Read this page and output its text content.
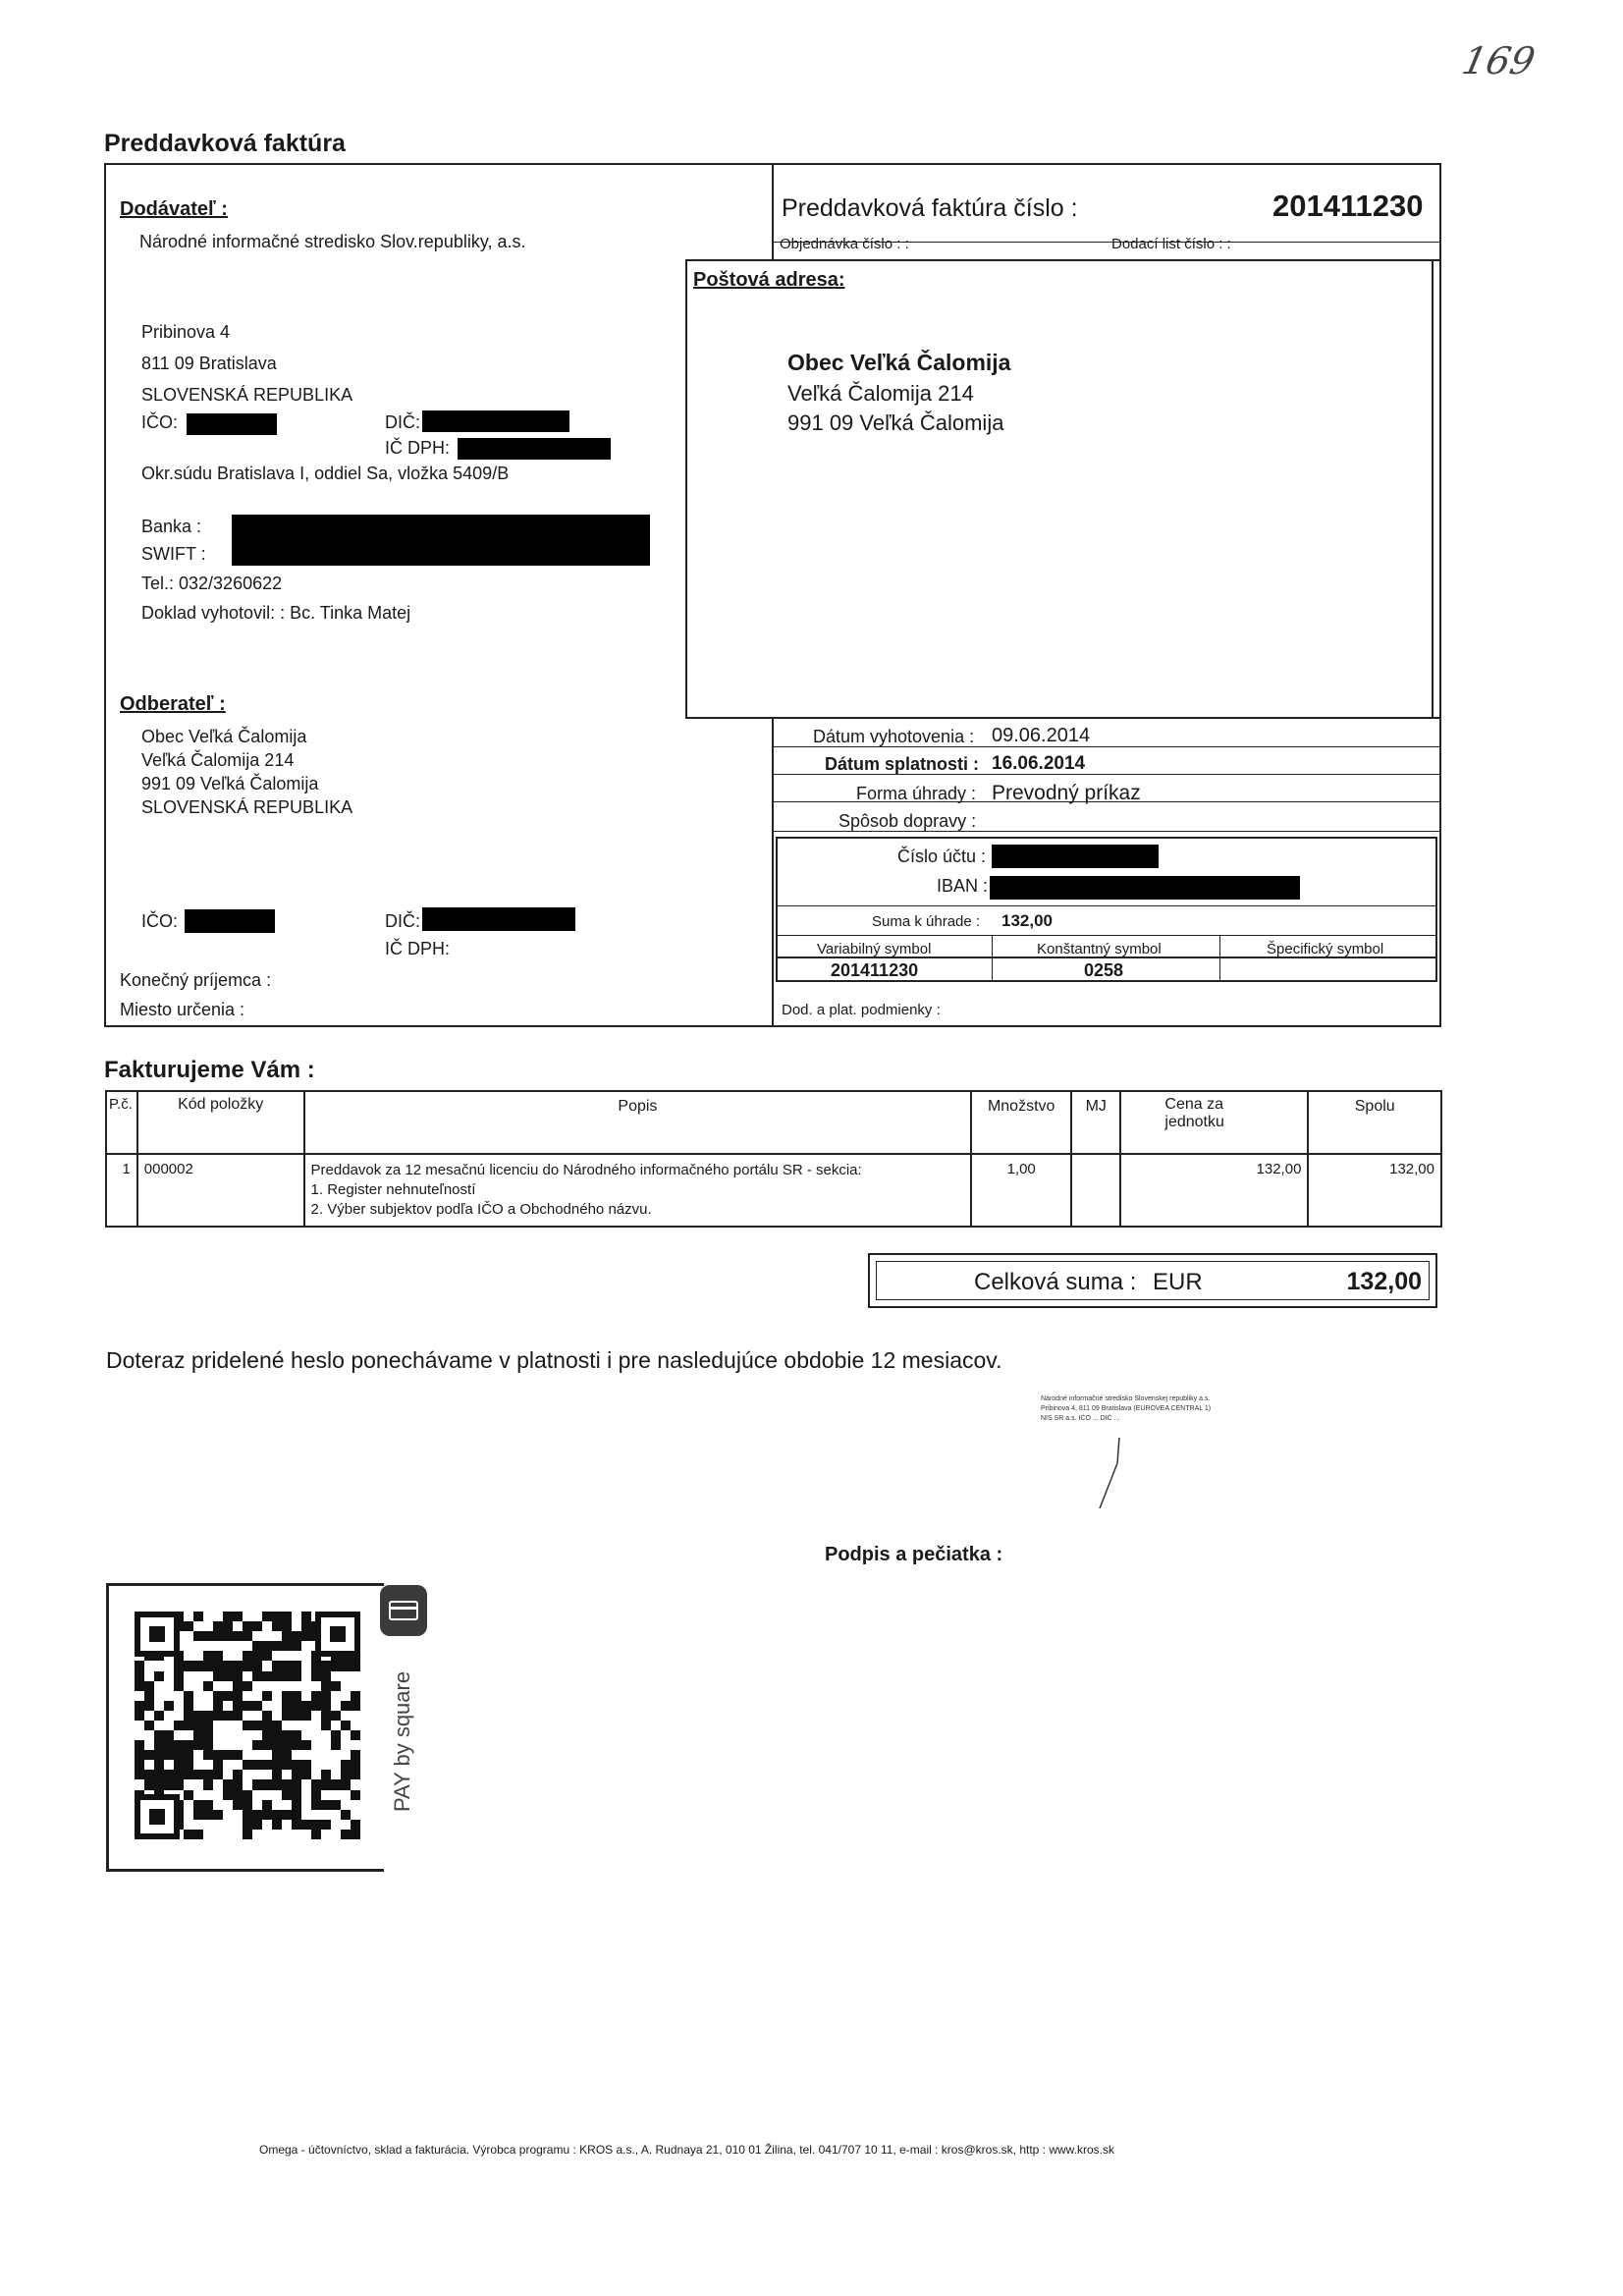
169
Preddavková faktúra
Dodávateľ :
Národné informačné stredisko Slov.republiky, a.s.
Pribinova 4
811 09 Bratislava
SLOVENSKÁ REPUBLIKA
IČO:	DIČ:
IČ DPH:
Okr.súdu Bratislava I, oddiel Sa, vložka 5409/B
Banka :
SWIFT :
Tel.: 032/3260622
Doklad vyhotovil: : Bc. Tinka Matej
Preddavková faktúra číslo :	201411230
Objednávka číslo : :	Dodací list číslo : :
Poštová adresa:
Obec Veľká Čalomija
Veľká Čalomija 214
991 09 Veľká Čalomija
Odberateľ :
Obec Veľká Čalomija
Veľká Čalomija 214
991 09 Veľká Čalomija
SLOVENSKÁ REPUBLIKA
IČO:	DIČ:
IČ DPH:
Konečný príjemca :
Miesto určenia :
Dátum vyhotovenia : 09.06.2014
Dátum splatnosti : 16.06.2014
Forma úhrady : Prevodný príkaz
Spôsob dopravy :
Číslo účtu :
IBAN :
Suma k úhrade : 132,00
Variabilný symbol	Konštantný symbol	Špecifický symbol
201411230	0258
Dod. a plat. podmienky :
Fakturujeme Vám :
P.č.	Kód položky	Popis	Množstvo	MJ	Cena za jednotku	Spolu
1	000002	Preddavok za 12 mesačnú licenciu do Národného informačného portálu SR - sekcia:
1. Register nehnuteľností
2. Výber subjektov podľa IČO a Obchodného názvu.	1,00		132,00	132,00
Celková suma : EUR	132,00
Doteraz pridelené heslo ponechávame v platnosti i pre nasledujúce obdobie 12 mesiacov.
Národné informačné stredisko Slovenskej republiky a.s.
Pribinova 4, 811 09 Bratislava (EUROVEA CENTRAL 1)
NIS SR a.s. IČO ... DIČ ...
Podpis a pečiatka :
PAY by square
Omega - účtovníctvo, sklad a fakturácia. Výrobca programu : KROS a.s., A. Rudnaya 21, 010 01 Žilina, tel. 041/707 10 11, e-mail : kros@kros.sk, http : www.kros.sk
